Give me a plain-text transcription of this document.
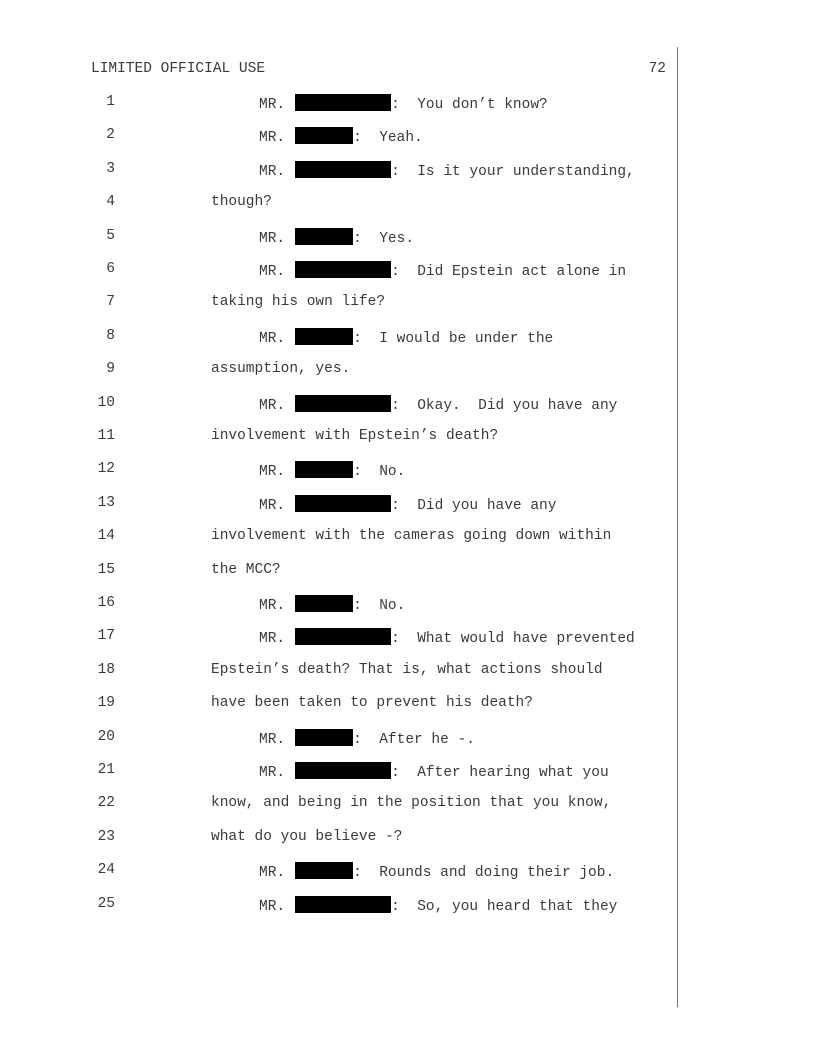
LIMITED OFFICIAL USE	72
1	MR.	:  You don’t know?
2	MR.	:  Yeah.
3	MR.	:  Is it your understanding,
4	though?
5	MR.	:  Yes.
6	MR.	:  Did Epstein act alone in
7	taking his own life?
8	MR.	:  I would be under the
9	assumption, yes.
10	MR.	:  Okay.  Did you have any
11	involvement with Epstein’s death?
12	MR.	:  No.
13	MR.	:  Did you have any
14	involvement with the cameras going down within
15	the MCC?
16	MR.	:  No.
17	MR.	:  What would have prevented
18	Epstein’s death? That is, what actions should
19	have been taken to prevent his death?
20	MR.	:  After he -.
21	MR.	:  After hearing what you
22	know, and being in the position that you know,
23	what do you believe -?
24	MR.	:  Rounds and doing their job.
25	MR.	:  So, you heard that they
